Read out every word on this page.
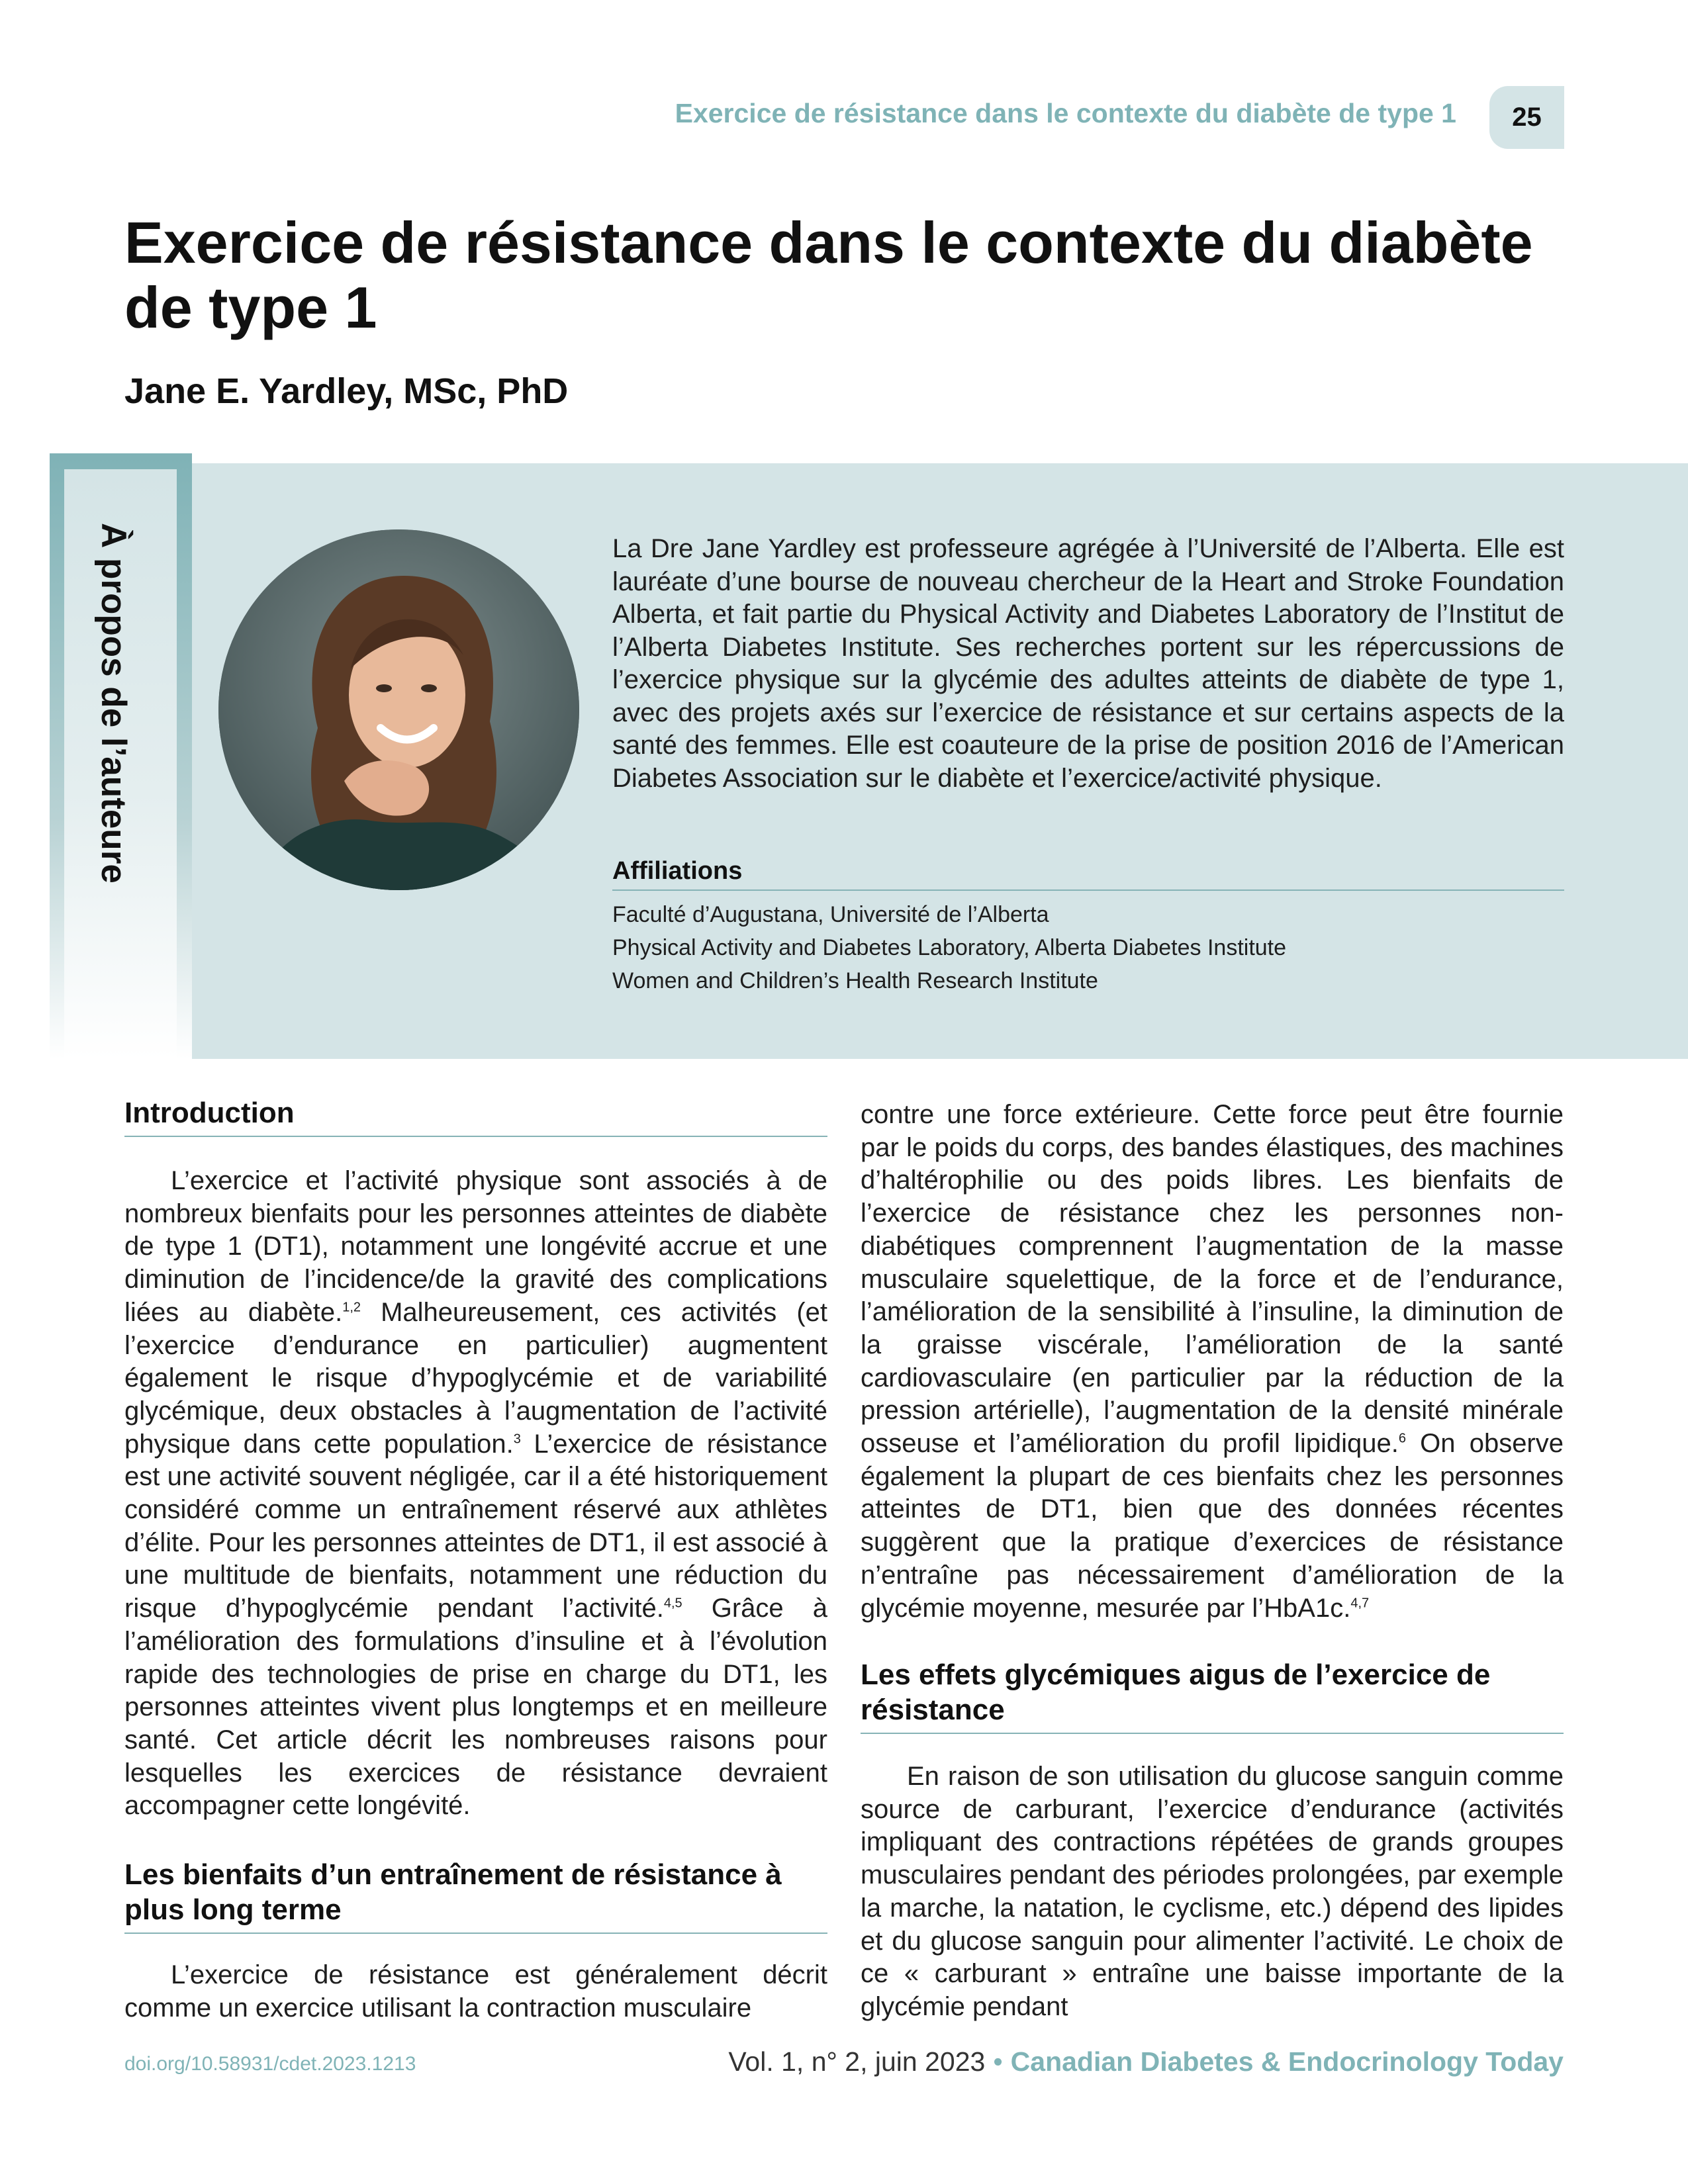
Exercice de résistance dans le contexte du diabète de type 1 25
Exercice de résistance dans le contexte du diabète de type 1
Jane E. Yardley, MSc, PhD
À propos de l’auteure	La Dre Jane Yardley est professeure agrégée à l’Université de l’Alberta. Elle est lauréate d’une bourse de nouveau chercheur de la Heart and Stroke Foundation Alberta, et fait partie du Physical Activity and Diabetes Laboratory de l’Institut de l’Alberta Diabetes Institute. Ses recherches portent sur les répercussions de l’exercice physique sur la glycémie des adultes atteints de diabète de type 1, avec des projets axés sur l’exercice de résistance et sur certains aspects de la santé des femmes. Elle est coauteure de la prise de position 2016 de l’American Diabetes Association sur le diabète et l’exercice/activité physique.

Affiliations
Faculté d’Augustana, Université de l’Alberta
Physical Activity and Diabetes Laboratory, Alberta Diabetes Institute
Women and Children’s Health Research Institute
Introduction

L’exercice et l’activité physique sont associés à de nombreux bienfaits pour les personnes atteintes de diabète de type 1 (DT1), notamment une longévité accrue et une diminution de l’incidence/de la gravité des complications liées au diabète.$^{1,2}$ Malheureusement, ces activités (et l’exercice d’endurance en particulier) augmentent également le risque d’hypoglycémie et de variabilité glycémique, deux obstacles à l’augmentation de l’activité physique dans cette population.$^3$ L’exercice de résistance est une activité souvent négligée, car il a été historiquement considéré comme un entraînement réservé aux athlètes d’élite. Pour les personnes atteintes de DT1, il est associé à une multitude de bienfaits, notamment une réduction du risque d’hypoglycémie pendant l’activité.$^{4,5}$ Grâce à l’amélioration des formulations d’insuline et à l’évolution rapide des technologies de prise en charge du DT1, les personnes atteintes vivent plus longtemps et en meilleure santé. Cet article décrit les nombreuses raisons pour lesquelles les exercices de résistance devraient accompagner cette longévité.

Les bienfaits d’un entraînement de résistance à plus long terme

L’exercice de résistance est généralement décrit comme un exercice utilisant la contraction musculaire

contre une force extérieure. Cette force peut être fournie par le poids du corps, des bandes élastiques, des machines d’haltérophilie ou des poids libres. Les bienfaits de l’exercice de résistance chez les personnes non-diabétiques comprennent l’augmentation de la masse musculaire squelettique, de la force et de l’endurance, l’amélioration de la sensibilité à l’insuline, la diminution de la graisse viscérale, l’amélioration de la santé cardiovasculaire (en particulier par la réduction de la pression artérielle), l’augmentation de la densité minérale osseuse et l’amélioration du profil lipidique.$^6$ On observe également la plupart de ces bienfaits chez les personnes atteintes de DT1, bien que des données récentes suggèrent que la pratique d’exercices de résistance n’entraîne pas nécessairement d’amélioration de la glycémie moyenne, mesurée par l’HbA1c.$^{4,7}$

Les effets glycémiques aigus de l’exercice de résistance

En raison de son utilisation du glucose sanguin comme source de carburant, l’exercice d’endurance (activités impliquant des contractions répétées de grands groupes musculaires pendant des périodes prolongées, par exemple la marche, la natation, le cyclisme, etc.) dépend des lipides et du glucose sanguin pour alimenter l’activité. Le choix de ce « carburant » entraîne une baisse importante de la glycémie pendant

doi.org/10.58931/cdet.2023.1213	Vol. 1, n° 2, juin 2023 • Canadian Diabetes & Endocrinology Today
